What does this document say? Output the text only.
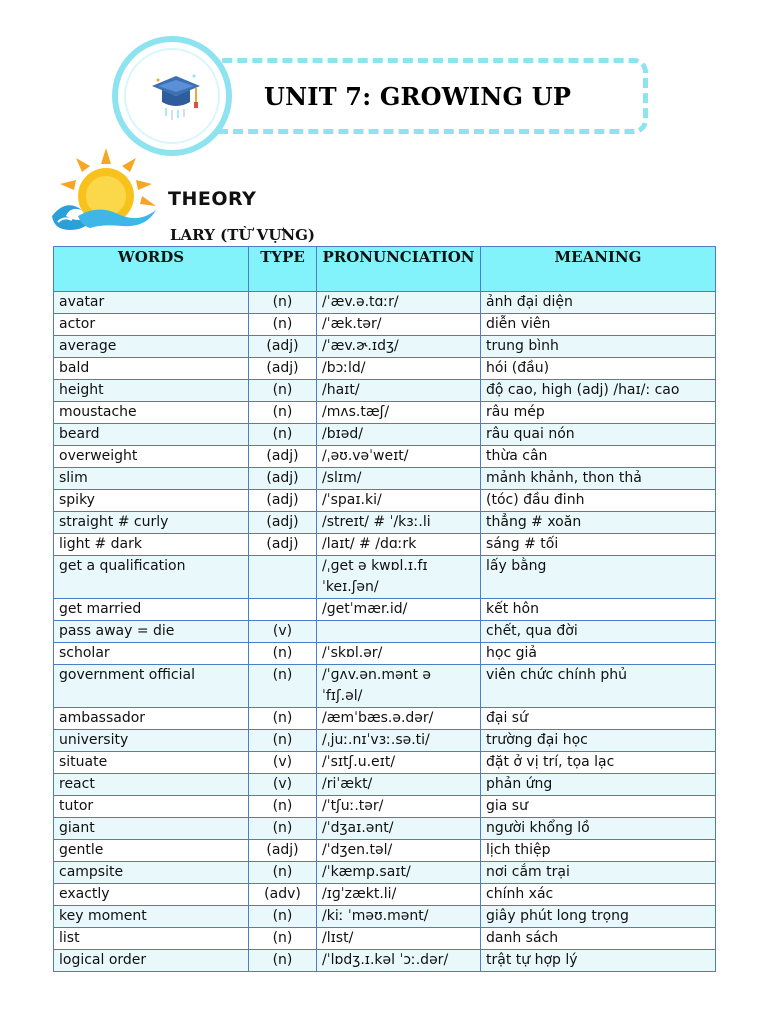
UNIT 7: GROWING UP
THEORY
LARY (TỪ VỰNG)
WORDS	TYPE	PRONUNCIATION	MEANING
avatar	(n)	/ˈæv.ə.tɑːr/	ảnh đại diện
actor	(n)	/ˈæk.tər/	diễn viên
average	(adj)	/ˈæv.ɚ.ɪdʒ/	trung bình
bald	(adj)	/bɔːld/	hói (đầu)
height	(n)	/haɪt/	độ cao, high (adj) /haɪ/: cao
moustache	(n)	/mʌs.tæʃ/	râu mép
beard	(n)	/bɪəd/	râu quai nón
overweight	(adj)	/ˌəʊ.vəˈweɪt/	thừa cân
slim	(adj)	/slɪm/	mảnh khảnh, thon thả
spiky	(adj)	/ˈspaɪ.ki/	(tóc) đầu đinh
straight # curly	(adj)	/streɪt/ # ˈ/kɜː.li	thẳng # xoăn
light # dark	(adj)	/laɪt/ # /dɑːrk	sáng # tối
get a qualification		/ˌɡet ə kwɒl.ɪ.fɪ ˈkeɪ.ʃən/	lấy bằng
get married		/ɡetˈmær.id/	kết hôn
pass away = die	(v)		chết, qua đời
scholar	(n)	/ˈskɒl.ər/	học giả
government official	(n)	/ˈɡʌv.ən.mənt ə ˈfɪʃ.əl/	viên chức chính phủ
ambassador	(n)	/æmˈbæs.ə.dər/	đại sứ
university	(n)	/ˌjuː.nɪˈvɜː.sə.ti/	trường đại học
situate	(v)	/ˈsɪtʃ.u.eɪt/	đặt ở vị trí, tọa lạc
react	(v)	/riˈækt/	phản ứng
tutor	(n)	/ˈtʃuː.tər/	gia sư
giant	(n)	/ˈdʒaɪ.ənt/	người khổng lồ
gentle	(adj)	/ˈdʒen.təl/	lịch thiệp
campsite	(n)	/ˈkæmp.saɪt/	nơi cắm trại
exactly	(adv)	/ɪɡˈzækt.li/	chính xác
key moment	(n)	/kiː ˈməʊ.mənt/	giây phút long trọng
list	(n)	/lɪst/	danh sách
logical order	(n)	/ˈlɒdʒ.ɪ.kəl ˈɔː.dər/	trật tự hợp lý
